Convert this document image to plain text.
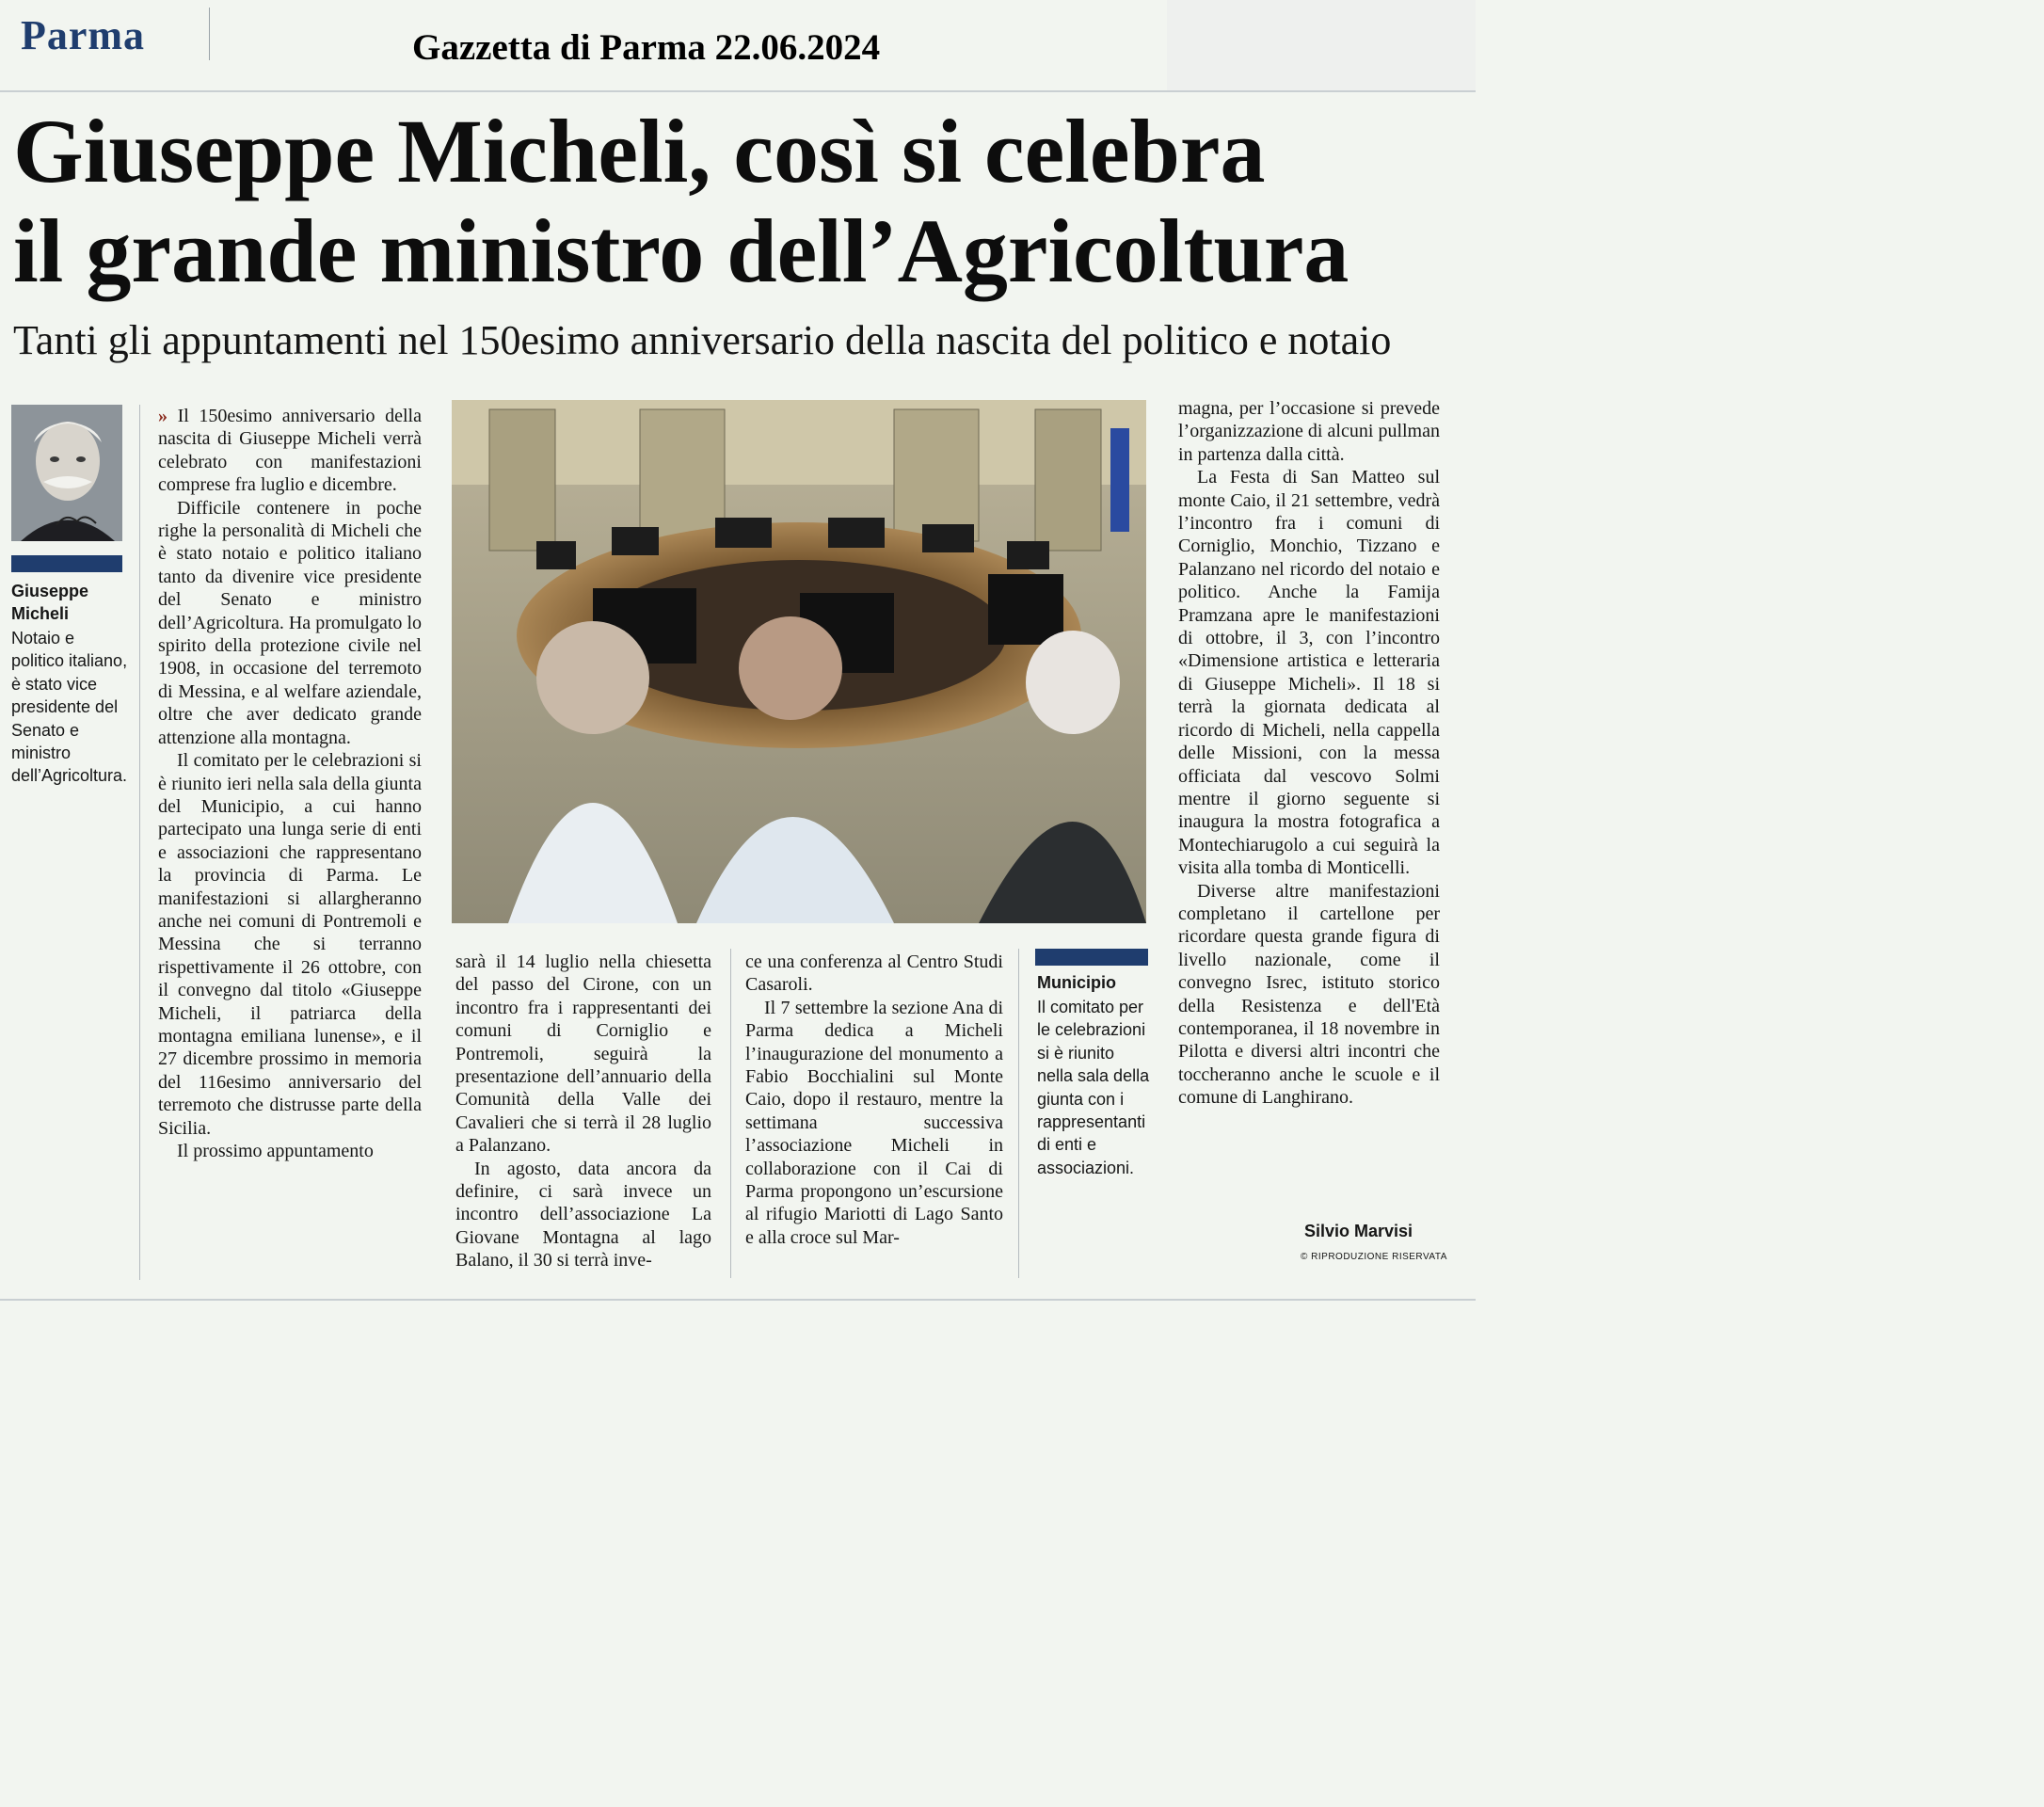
Parma	Gazzetta di Parma 22.06.2024
Giuseppe Micheli, così si celebra
il grande ministro dell’Agricoltura
Tanti gli appuntamenti nel 150esimo anniversario della nascita del politico e notaio
Giuseppe Micheli
Notaio e politico italiano, è stato vice presidente del Senato e ministro dell’Agricoltura.

» Il 150esimo anniversario della nascita di Giuseppe Micheli verrà celebrato con manifestazioni comprese fra luglio e dicembre.

Difficile contenere in poche righe la personalità di Micheli che è stato notaio e politico italiano tanto da divenire vice presidente del Senato e ministro dell’Agricoltura. Ha promulgato lo spirito della protezione civile nel 1908, in occasione del terremoto di Messina, e al welfare aziendale, oltre che aver dedicato grande attenzione alla montagna.

Il comitato per le celebrazioni si è riunito ieri nella sala della giunta del Municipio, a cui hanno partecipato una lunga serie di enti e associazioni che rappresentano la provincia di Parma. Le manifestazioni si allargheranno anche nei comuni di Pontremoli e Messina che si terranno rispettivamente il 26 ottobre, con il convegno dal titolo «Giuseppe Micheli, il patriarca della montagna emiliana lunense», e il 27 dicembre prossimo in memoria del 116esimo anniversario del terremoto che distrusse parte della Sicilia.

Il prossimo appuntamento

sarà il 14 luglio nella chiesetta del passo del Cirone, con un incontro fra i rappresentanti dei comuni di Corniglio e Pontremoli, seguirà la presentazione dell’annuario della Comunità della Valle dei Cavalieri che si terrà il 28 luglio a Palanzano.

In agosto, data ancora da definire, ci sarà invece un incontro dell’associazione La Giovane Montagna al lago Balano, il 30 si terrà inve-

ce una conferenza al Centro Studi Casaroli.

Il 7 settembre la sezione Ana di Parma dedica a Micheli l’inaugurazione del monumento a Fabio Bocchialini sul Monte Caio, dopo il restauro, mentre la settimana successiva l’associazione Micheli in collaborazione con il Cai di Parma propongono un’escursione al rifugio Mariotti di Lago Santo e alla croce sul Mar-

Municipio
Il comitato per le celebrazioni si è riunito nella sala della giunta con i rappresentanti di enti e associazioni.

magna, per l’occasione si prevede l’organizzazione di alcuni pullman in partenza dalla città.

La Festa di San Matteo sul monte Caio, il 21 settembre, vedrà l’incontro fra i comuni di Corniglio, Monchio, Tizzano e Palanzano nel ricordo del notaio e politico. Anche la Famija Pramzana apre le manifestazioni di ottobre, il 3, con l’incontro «Dimensione artistica e letteraria di Giuseppe Micheli». Il 18 si terrà la giornata dedicata al ricordo di Micheli, nella cappella delle Missioni, con la messa officiata dal vescovo Solmi mentre il giorno seguente si inaugura la mostra fotografica a Montechiarugolo a cui seguirà la visita alla tomba di Monticelli.

Diverse altre manifestazioni completano il cartellone per ricordare questa grande figura di livello nazionale, come il convegno Isrec, istituto storico della Resistenza e dell'Età contemporanea, il 18 novembre in Pilotta e diversi altri incontri che toccheranno anche le scuole e il comune di Langhirano.

Silvio Marvisi
© RIPRODUZIONE RISERVATA
